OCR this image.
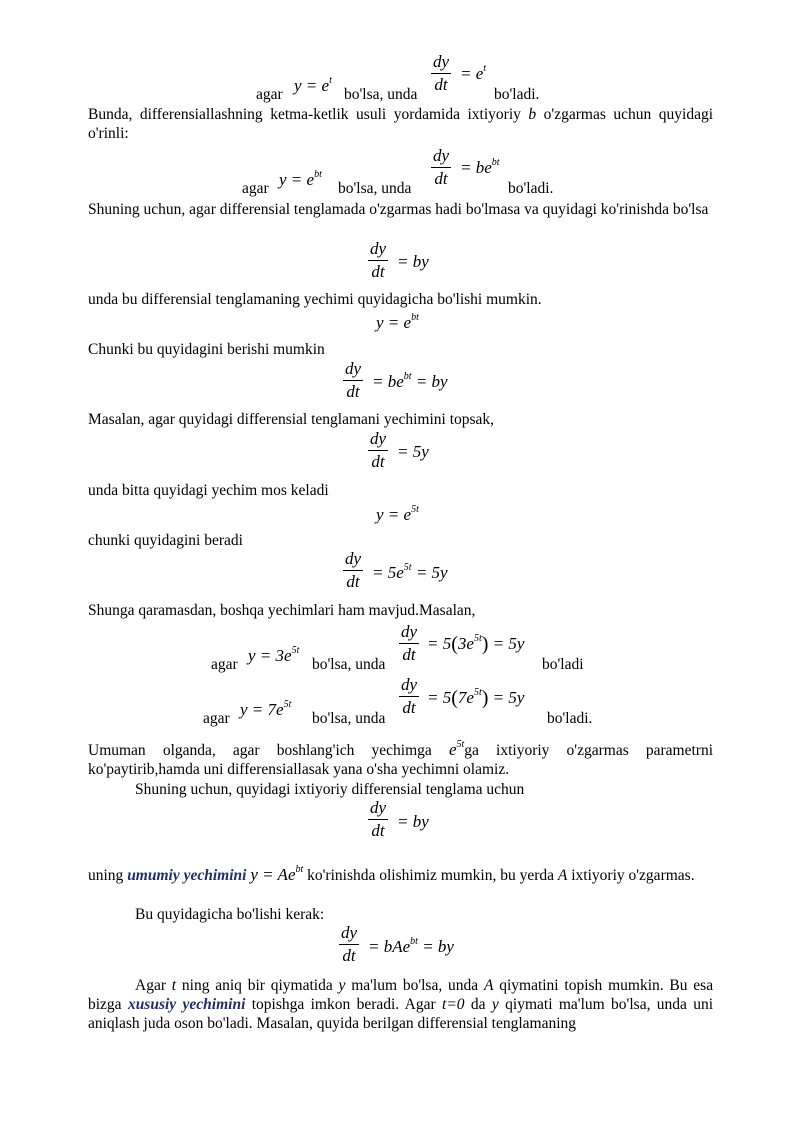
agar $y = e^t$
bo'lsa, unda
dy
dt
= $e^t$
bo'ladi.
Bunda, differensiallashning ketma-ketlik usuli yordamida ixtiyoriy b o'zgarmas uchun quyidagi o'rinli:
agar $y = e^{bt}$
bo'lsa, unda
dy
dt
= $be^{bt}$
bo'ladi.
Shuning uchun, agar differensial tenglamada o'zgarmas hadi bo'lmasa va quyidagi ko'rinishda bo'lsa
dy
dt
= by
unda bu differensial tenglamaning yechimi quyidagicha bo'lishi mumkin.
$y = e^{bt}$
Chunki bu quyidagini berishi mumkin
dy
dt
= $be^{bt}$ = by
Masalan, agar quyidagi differensial tenglamani yechimini topsak,
dy
dt
= 5y
unda bitta quyidagi yechim mos keladi
$y = e^{5t}$
chunki quyidagini beradi
dy
dt = $5e^{5t} = 5y$
Shunga qaramasdan, boshqa yechimlari ham mavjud.Masalan,
agar $y = 3e^{5t}$
bo'lsa, unda
dy
dt
= $5(3e^{5t}) = 5y$
bo'ladi
agar $y = 7e^{5t}$
bo'lsa, unda
dy
dt
= $5(7e^{5t}) = 5y$
bo'ladi.
Umuman olganda, agar boshlang'ich yechimga $e^{5t}ga$ ixtiyoriy o'zgarmas parametrni ko'paytirib,hamda uni differensiallasak yana o'sha yechimni olamiz.
Shuning uchun, quyidagi ixtiyoriy differensial tenglama uchun
dy
dt = by
uning umumiy yechimini $y = Ae^{bt}$ ko'rinishda olishimiz mumkin, bu yerda A ixtiyoriy o'zgarmas.
Bu quyidagicha bo'lishi kerak:
dy
dt = bAe$^{bt}$ = by
Agar t ning aniq bir qiymatida y ma'lum bo'lsa, unda A qiymatini topish mumkin. Bu esa bizga xususiy yechimini topishga imkon beradi. Agar t=0 da y qiymati ma'lum bo'lsa, unda uni aniqlash juda oson bo'ladi. Masalan, quyida berilgan differensial tenglamaning
